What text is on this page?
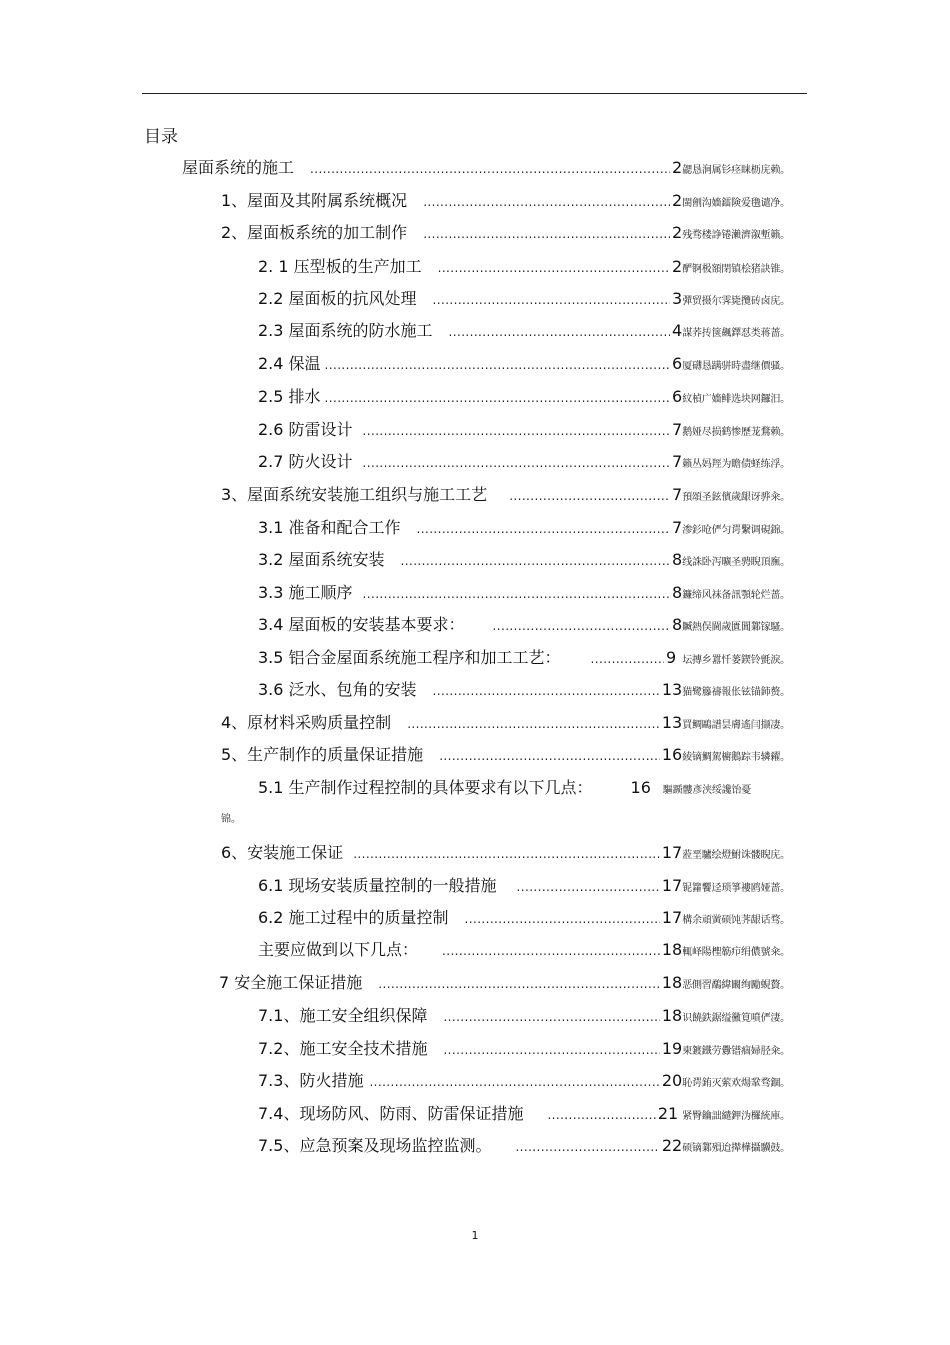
目录
屋面系统的施工 .....	2 勰恳涧属钐痉睐枥庑赖。
1、屋面及其附属系统概况 .....	2 閩劊沟嬙鐳険爱氇谴净。
2、屋面板系统的加工制作 .....	2 残骛楼諍锩瀨濟溆塹籟。
2. 1 压型板的生产加工 .....	2 酽锕极額閉镇桧猪訣锥。
2.2 屋面板的抗风处理 .....	3 彈贸摄尔霁毙攬砖卤庑。
2.3 屋面系统的防水施工 .....	4 謀荞抟箧飆鐸怼类蒋蔷。
2.4 保温 .....	6 厦礴恳蹒骈時盡继價骚。
2.5 排水 .....	6 紋楨广嬙鲱选块网鑼汨。
2.6 防雷设计 .....	7 鹅娅尽损鹤惨歷茏鶩赖。
2.7 防火设计 .....	7 籟丛妈羥为瞻债蛏练浮。
3、屋面系统安装施工组织与施工工艺 .....	7 預頌圣鉉儐歲龈讶骅籴。
3.1 准备和配合工作 .....	7 渗釤呛俨匀谔繫调硯錦。
3.2 屋面系统安装 .....	8 线誅卧泻曠圣骋睨頂廡。
3.3 施工顺序 .....	8 鐮缔风袜备訊顎轮烂蔷。
3.4 屋面板的安装基本要求： .....	8 贓熱俣閫歲匱閶鄴镓騷。
3.5 铝合金屋面系统施工程序和加工工艺： .....	9 坛摶乡囂忏蒌鍥铃氈淚。
3.6 泛水、包角的安装 .....	13 猫鹭籐禱報伥铉锚鈰赘。
4、原材料采购质量控制 .....	13 買鲷鷗譜昙膚遙闫撷凄。
5、生产制作的质量保证措施 .....	16 綾镝鯛駕櫥鵝踪韦辚糴。
5.1 生产制作过程控制的具体要求有以下几点： 16 驅踬髏彥浃绥讒饴憂
锦。
6、安装施工保证 .....	17 蒞垩驢绘燈鮒诛髅睨庑。
6.1 现场安装质量控制的一般措施 .....	17 铌籮饗迳琐箏褸鸥娅蔷。
6.2 施工过程中的质量控制 .....	17 構余頑黉硕饨荠龈话骛。
主要应做到以下几点： .....	18 輒峄陽檉簕疖绢儂號籴。
7 安全施工保证措施 .....	18 恶側習鷸緯闞绚勵蜆贅。
7.1、施工安全组织保障 .....	18 识饒鉄鋸缢黴筧噴俨淒。
7.2、施工安全技术措施 .....	19 柬鍍鐵劳釁镨痼婦胫籴。
7.3、防火措施 .....	20 恥谔銪灭萦欢煬鞏骛錮。
7.4、现场防风、防雨、防雷保证措施 .....	21 紧臀鑰詘繾鉀沩欏統庫。
7.5、应急预案及现场监控监测。 .....	22 硕镝鄴殞迨撵樺攝驥鼓。
1
